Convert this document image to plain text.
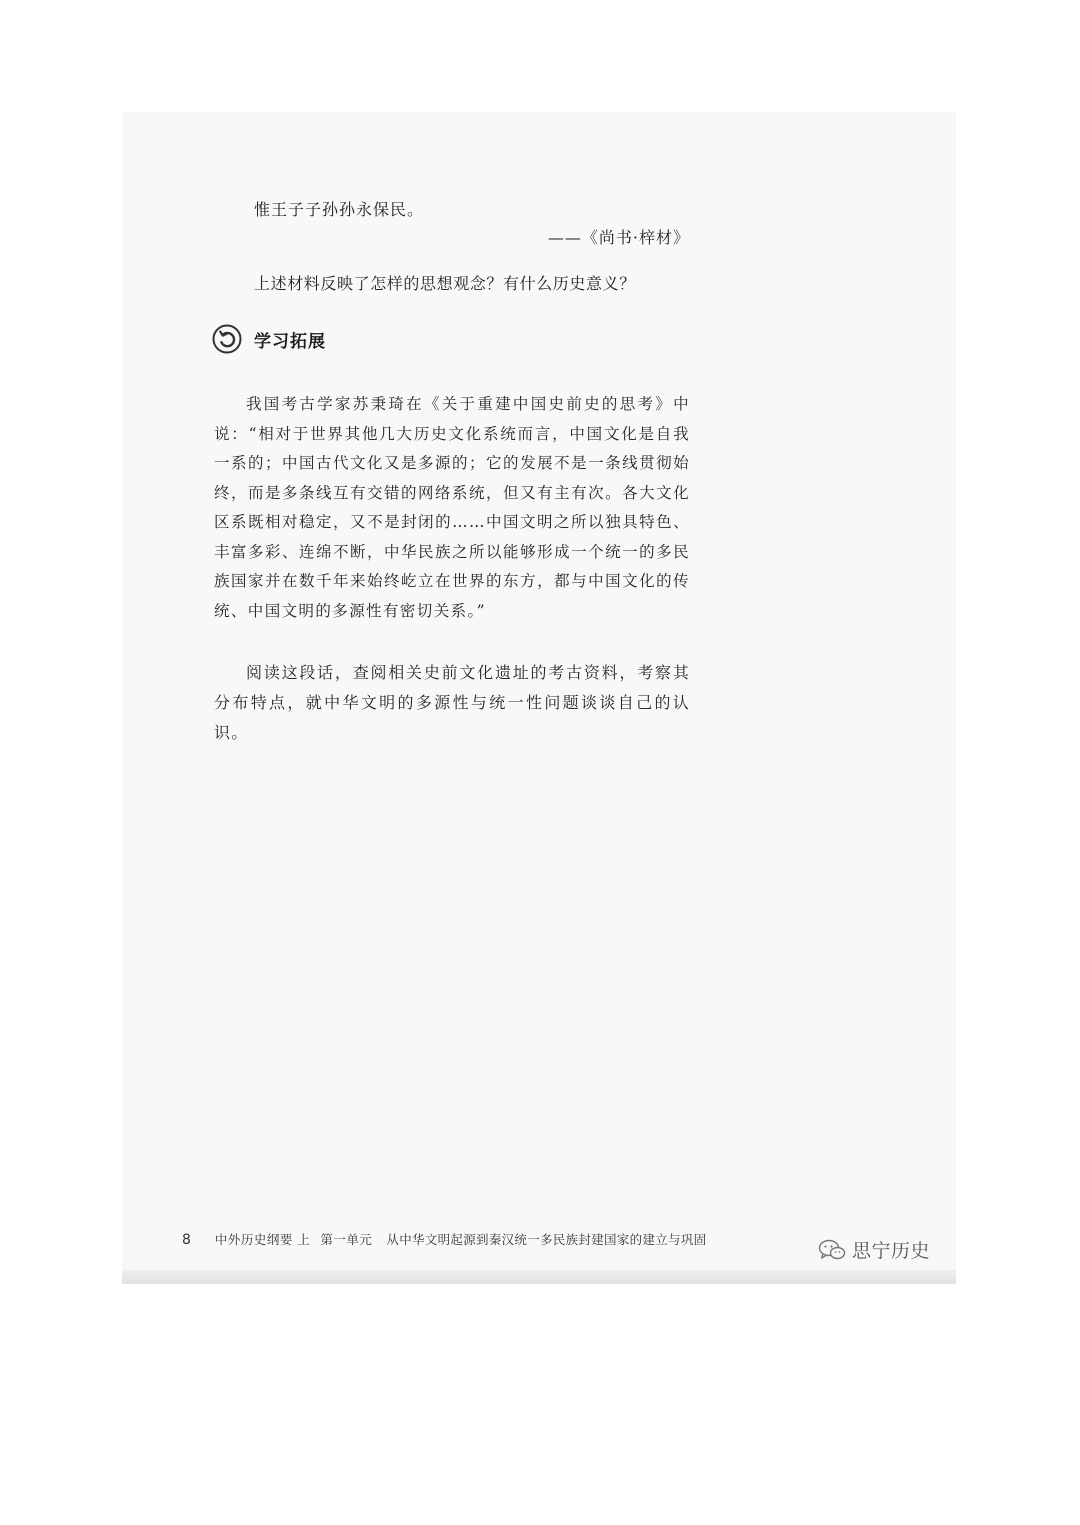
惟王子子孙孙永保民。

——《尚书·梓材》

上述材料反映了怎样的思想观念？有什么历史意义？

学习拓展

我国考古学家苏秉琦在《关于重建中国史前史的思考》中说：“相对于世界其他几大历史文化系统而言，中国文化是自我一系的；中国古代文化又是多源的；它的发展不是一条线贯彻始终，而是多条线互有交错的网络系统，但又有主有次。各大文化区系既相对稳定，又不是封闭的……中国文明之所以独具特色、丰富多彩、连绵不断，中华民族之所以能够形成一个统一的多民族国家并在数千年来始终屹立在世界的东方，都与中国文化的传统、中国文明的多源性有密切关系。”

阅读这段话，查阅相关史前文化遗址的考古资料，考察其分布特点，就中华文明的多源性与统一性问题谈谈自己的认识。

8 中外历史纲要 上 第一单元 从中华文明起源到秦汉统一多民族封建国家的建立与巩固
思宁历史
